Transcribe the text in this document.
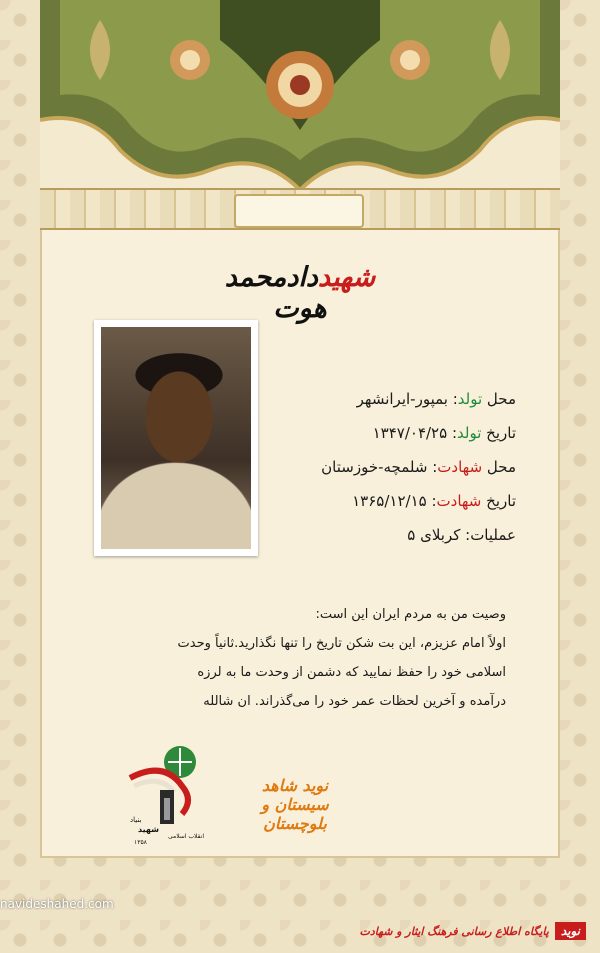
شهیددادمحمد هوت
محل تولد: بمپور-ایرانشهر
تاریخ تولد: ۱۳۴۷/۰۴/۲۵
محل شهادت: شلمچه-خوزستان
تاریخ شهادت: ۱۳۶۵/۱۲/۱۵
عملیات: کربلای ۵

وصیت من به مردم ایران این است:

اولاً امام عزیزم، این بت شکن تاریخ را تنها نگذارید.ثانیاً وحدت

اسلامی خود را حفظ نمایید که دشمن از وحدت ما به لرزه

درآمده و آخرین لحظات عمر خود را می‌گذراند. ان شالله

بنیاد
شهید
انقلاب اسلامی
۱۳۵۸
نوید شاهد سیستان و بلوچستان
navideshahed.com
نویدپایگاه اطلاع رسانی فرهنگ ایثار و شهادت
